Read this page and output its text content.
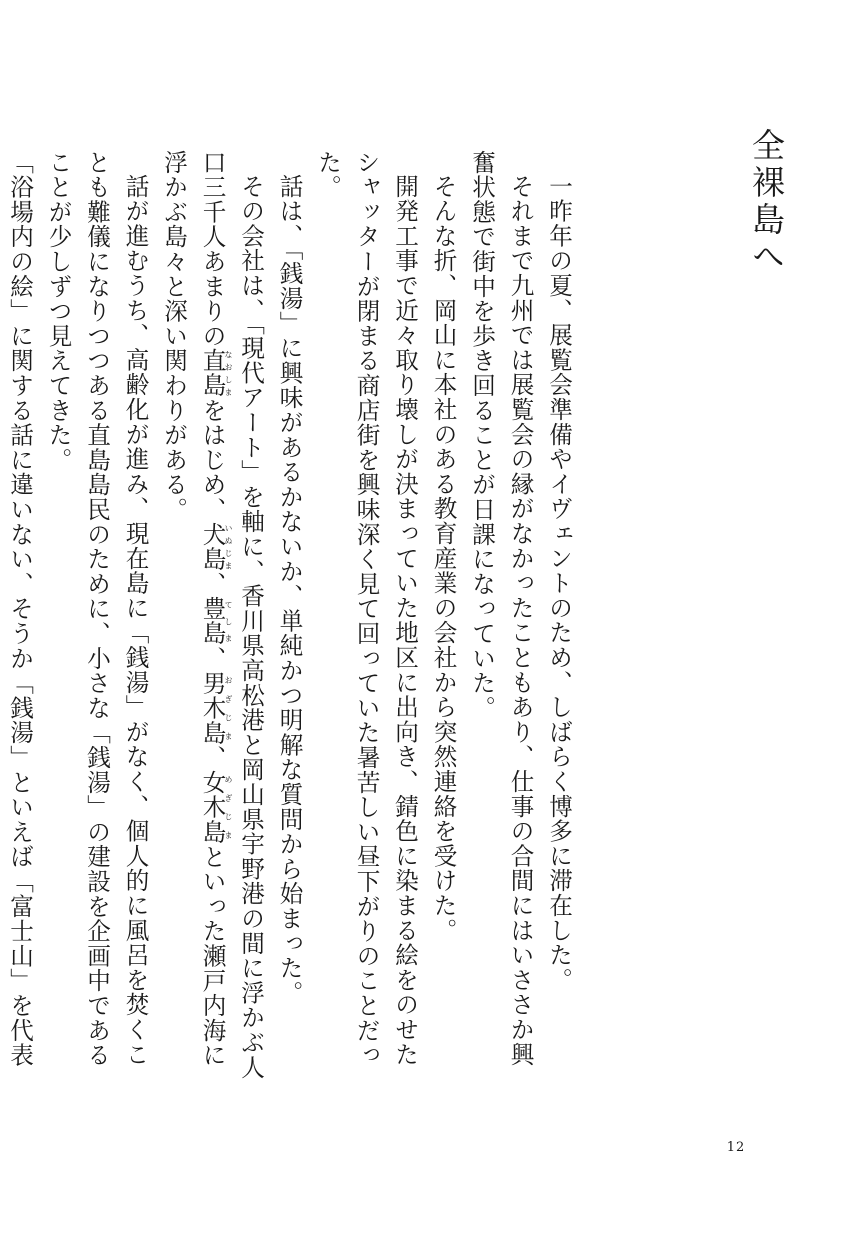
全裸島へ

一昨年の夏、展覧会準備やイヴェントのため、しばらく博多に滞在した。

それまで九州では展覧会の縁がなかったこともあり、仕事の合間にはいささか興奮状態で街中を歩き回ることが日課になっていた。

そんな折、岡山に本社のある教育産業の会社から突然連絡を受けた。

開発工事で近々取り壊しが決まっていた地区に出向き、錆色に染まる絵をのせたシャッターが閉まる商店街を興味深く見て回っていた暑苦しい昼下がりのことだった。

話は、「銭湯」に興味があるかないか、単純かつ明解な質問から始まった。

その会社は、「現代アート」を軸に、香川県高松港と岡山県宇野港の間に浮かぶ人口三千人あまりの直島なおしまをはじめ、犬島いぬじま、豊島てしま、男木島おぎじま、女木島めぎじまといった瀬戸内海に浮かぶ島々と深い関わりがある。

話が進むうち、高齢化が進み、現在島に「銭湯」がなく、個人的に風呂を焚くことも難儀になりつつある直島島民のために、小さな「銭湯」の建設を企画中であることが少しずつ見えてきた。

「浴場内の絵」に関する話に違いない、そうか「銭湯」といえば「富士山」を代表

12
